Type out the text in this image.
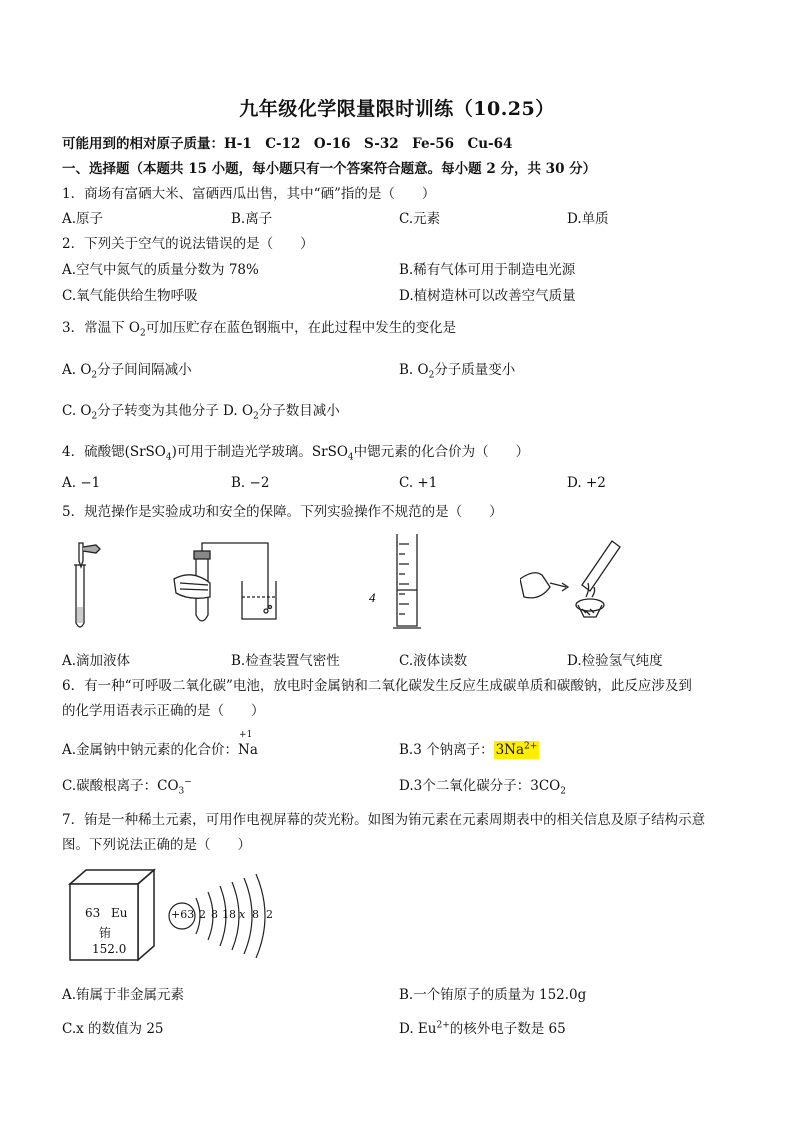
九年级化学限量限时训练（10.25）
可能用到的相对原子质量：H-1　C-12　O-16　S-32　Fe-56　Cu-64
一、选择题（本题共 15 小题，每小题只有一个答案符合题意。每小题 2 分，共 30 分）
1．商场有富硒大米、富硒西瓜出售，其中“硒”指的是（　　）
A.原子	B.离子	C.元素	D.单质
2．下列关于空气的说法错误的是（　　）
A.空气中氮气的质量分数为 78%	B.稀有气体可用于制造电光源
C.氧气能供给生物呼吸	D.植树造林可以改善空气质量
3．常温下 $O_2$可加压贮存在蓝色钢瓶中，在此过程中发生的变化是
A. $O_2$分子间间隔减小	B. $O_2$分子质量变小
C. $O_2$分子转变为其他分子 D. $O_2$分子数目减小
4．硫酸锶(SrSO$_4$)可用于制造光学玻璃。SrSO$_4$中锶元素的化合价为（　　）
A. −1	B. −2	C. +1	D. +2
5．规范操作是实验成功和安全的保障。下列实验操作不规范的是（　　）
4
A.滴加液体	B.检查装置气密性	C.液体读数	D.检验氢气纯度
6．有一种“可呼吸二氧化碳”电池，放电时金属钠和二氧化碳发生反应生成碳单质和碳酸钠，此反应涉及到
的化学用语表示正确的是（　　）
A.金属钠中钠元素的化合价：
+1
Na	B.3 个钠离子： $3Na^{2+}$
C.碳酸根离子：$CO_3^-$	D.3个二氧化碳分子：$3CO_2$
7．铕是一种稀土元素，可用作电视屏幕的荧光粉。如图为铕元素在元素周期表中的相关信息及原子结构示意
图。下列说法正确的是（　　）
63 Eu
铕
152.0
+63 2 8 18 x 8 2
A.铕属于非金属元素	B.一个铕原子的质量为 152.0g
C.x 的数值为 25	D. $Eu^{2+}$的核外电子数是 65
